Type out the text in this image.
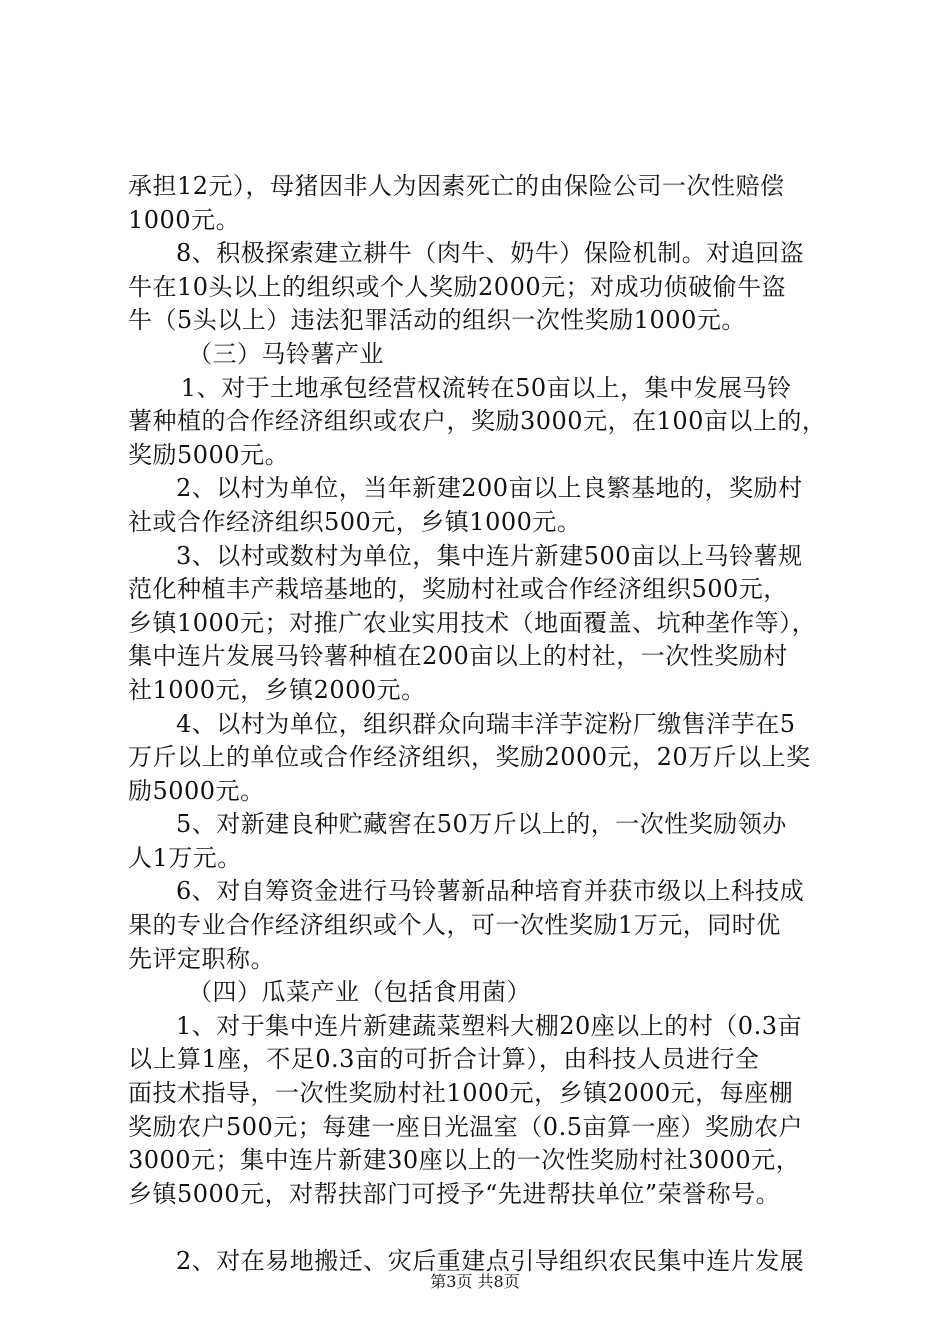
承担12元），母猪因非人为因素死亡的由保险公司一次性赔偿
1000元。
8、积极探索建立耕牛（肉牛、奶牛）保险机制。对追回盗
牛在10头以上的组织或个人奖励2000元；对成功侦破偷牛盗
牛（5头以上）违法犯罪活动的组织一次性奖励1000元。
（三）马铃薯产业
1、对于土地承包经营权流转在50亩以上，集中发展马铃
薯种植的合作经济组织或农户，奖励3000元，在100亩以上的，
奖励5000元。
2、以村为单位，当年新建200亩以上良繁基地的，奖励村
社或合作经济组织500元，乡镇1000元。
3、以村或数村为单位，集中连片新建500亩以上马铃薯规
范化种植丰产栽培基地的，奖励村社或合作经济组织500元，
乡镇1000元；对推广农业实用技术（地面覆盖、坑种垄作等），
集中连片发展马铃薯种植在200亩以上的村社，一次性奖励村
社1000元，乡镇2000元。
4、以村为单位，组织群众向瑞丰洋芋淀粉厂缴售洋芋在5
万斤以上的单位或合作经济组织，奖励2000元，20万斤以上奖
励5000元。
5、对新建良种贮藏窖在50万斤以上的，一次性奖励领办
人1万元。
6、对自筹资金进行马铃薯新品种培育并获市级以上科技成
果的专业合作经济组织或个人，可一次性奖励1万元，同时优
先评定职称。
（四）瓜菜产业（包括食用菌）
1、对于集中连片新建蔬菜塑料大棚20座以上的村（0.3亩
以上算1座，不足0.3亩的可折合计算），由科技人员进行全
面技术指导，一次性奖励村社1000元，乡镇2000元，每座棚
奖励农户500元；每建一座日光温室（0.5亩算一座）奖励农户
3000元；集中连片新建30座以上的一次性奖励村社3000元，
乡镇5000元，对帮扶部门可授予“先进帮扶单位”荣誉称号。
2、对在易地搬迁、灾后重建点引导组织农民集中连片发展
第3页 共8页
